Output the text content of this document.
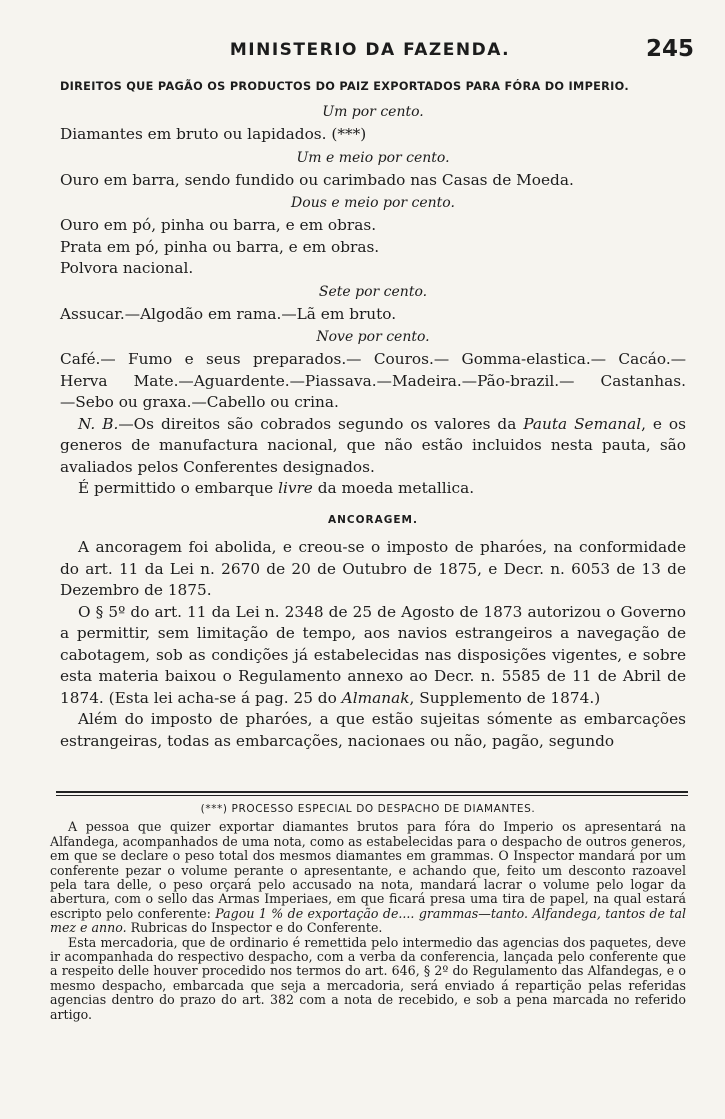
MINISTERIO DA FAZENDA.	245
DIREITOS QUE PAGÃO OS PRODUCTOS DO PAIZ EXPORTADOS PARA FÓRA DO IMPERIO.
Um por cento.
Diamantes em bruto ou lapidados. (***)
Um e meio por cento.
Ouro em barra, sendo fundido ou carimbado nas Casas de Moeda.
Dous e meio por cento.
Ouro em pó, pinha ou barra, e em obras.
Prata em pó, pinha ou barra, e em obras.
Polvora nacional.
Sete por cento.
Assucar.—Algodão em rama.—Lã em bruto.
Nove por cento.
Café.— Fumo e seus preparados.— Couros.— Gomma-elastica.— Cacáo.—
Herva Mate.—Aguardente.—Piassava.—Madeira.—Pão-brazil.— Castanhas.
—Sebo ou graxa.—Cabello ou crina.
N. B.—Os direitos são cobrados segundo os valores da Pauta Semanal, e os generos de manufactura nacional, que não estão incluidos nesta pauta, são avaliados pelos Conferentes designados.
É permittido o embarque livre da moeda metallica.
ANCORAGEM.
A ancoragem foi abolida, e creou-se o imposto de pharóes, na conformidade do art. 11 da Lei n. 2670 de 20 de Outubro de 1875, e Decr. n. 6053 de 13 de Dezembro de 1875.
O § 5º do art. 11 da Lei n. 2348 de 25 de Agosto de 1873 autorizou o Governo a permittir, sem limitação de tempo, aos navios estrangeiros a navegação de cabotagem, sob as condições já estabelecidas nas disposições vigentes, e sobre esta materia baixou o Regulamento annexo ao Decr. n. 5585 de 11 de Abril de 1874. (Esta lei acha-se á pag. 25 do Almanak, Supplemento de 1874.)
Além do imposto de pharóes, a que estão sujeitas sómente as embarcações estrangeiras, todas as embarcações, nacionaes ou não, pagão, segundo
(***) PROCESSO ESPECIAL DO DESPACHO DE DIAMANTES.
A pessoa que quizer exportar diamantes brutos para fóra do Imperio os apresentará na Alfandega, acompanhados de uma nota, como as estabelecidas para o despacho de outros generos, em que se declare o peso total dos mesmos diamantes em grammas. O Inspector mandará por um conferente pezar o volume perante o apresentante, e achando que, feito um desconto razoavel pela tara delle, o peso orçará pelo accusado na nota, mandará lacrar o volume pelo logar da abertura, com o sello das Armas Imperiaes, em que ficará presa uma tira de papel, na qual estará escripto pelo conferente: Pagou 1 % de exportação de.... grammas—tanto. Alfandega, tantos de tal mez e anno. Rubricas do Inspector e do Conferente.
Esta mercadoria, que de ordinario é remettida pelo intermedio das agencias dos paquetes, deve ir acompanhada do respectivo despacho, com a verba da conferencia, lançada pelo conferente que a respeito delle houver procedido nos termos do art. 646, § 2º do Regulamento das Alfandegas, e o mesmo despacho, embarcada que seja a mercadoria, será enviado á repartição pelas referidas agencias dentro do prazo do art. 382 com a nota de recebido, e sob a pena marcada no referido artigo.
